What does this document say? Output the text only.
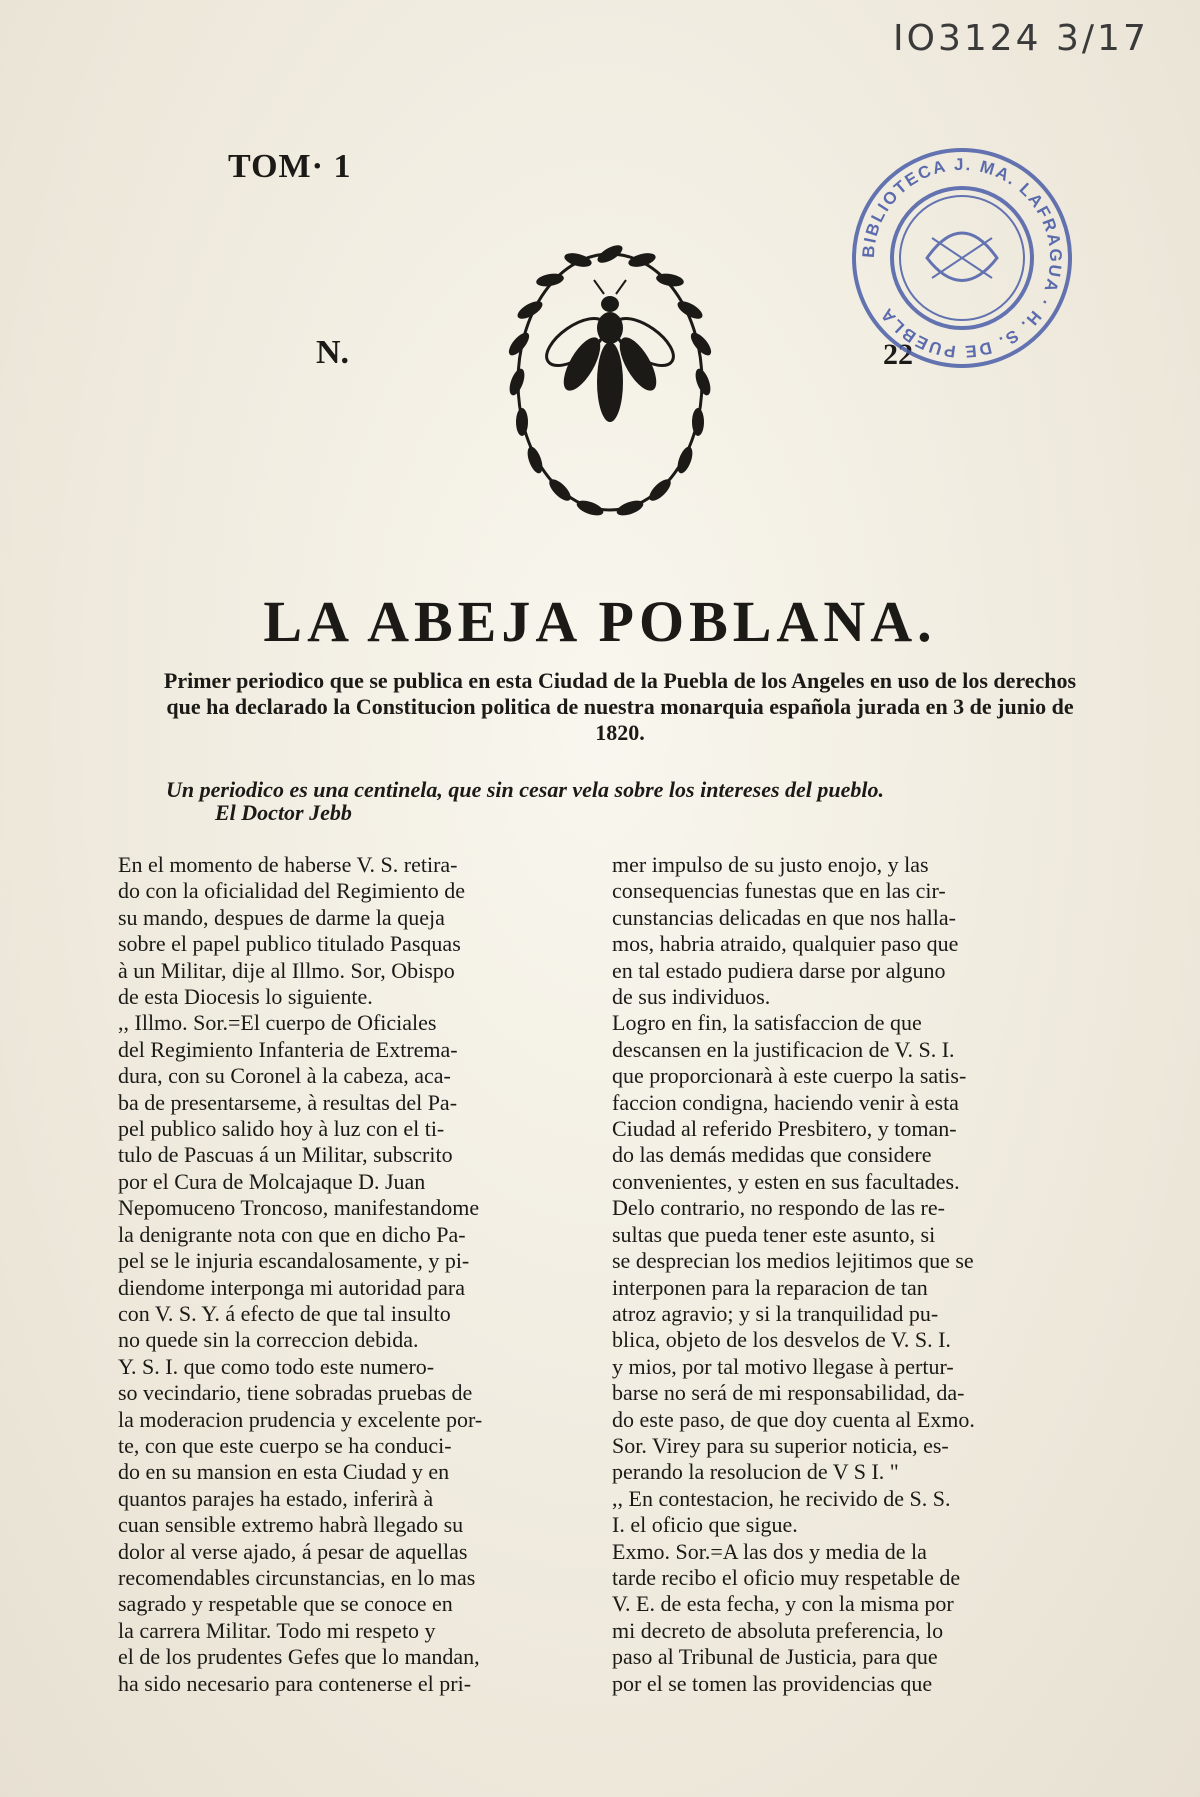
IO3124 3/17
TOM· 1
N.	22
BIBLIOTECA J. MA. LAFRAGUA · H. S. DE PUEBLA
LA ABEJA POBLANA.
Primer periodico que se publica en esta Ciudad de la Puebla de los Angeles en uso de los derechos que ha declarado la Constitucion politica de nuestra monarquia española jurada en 3 de junio de 1820.
Un periodico es una centinela, que sin cesar vela sobre los intereses del pueblo.
El Doctor Jebb
En el momento de haberse V. S. retira-
do con la oficialidad del Regimiento de
su mando, despues de darme la queja
sobre el papel publico titulado Pasquas
à un Militar, dije al Illmo. Sor, Obispo
de esta Diocesis lo siguiente.
,, Illmo. Sor.=El cuerpo de Oficiales
del Regimiento Infanteria de Extrema-
dura, con su Coronel à la cabeza, aca-
ba de presentarseme, à resultas del Pa-
pel publico salido hoy à luz con el ti-
tulo de Pascuas á un Militar, subscrito
por el Cura de Molcajaque D. Juan
Nepomuceno Troncoso, manifestandome
la denigrante nota con que en dicho Pa-
pel se le injuria escandalosamente, y pi-
diendome interponga mi autoridad para
con V. S. Y. á efecto de que tal insulto
no quede sin la correccion debida.
Y. S. I. que como todo este numero-
so vecindario, tiene sobradas pruebas de
la moderacion prudencia y excelente por-
te, con que este cuerpo se ha conduci-
do en su mansion en esta Ciudad y en
quantos parajes ha estado, inferirà à
cuan sensible extremo habrà llegado su
dolor al verse ajado, á pesar de aquellas
recomendables circunstancias, en lo mas
sagrado y respetable que se conoce en
la carrera Militar. Todo mi respeto y
el de los prudentes Gefes que lo mandan,
ha sido necesario para contenerse el pri-
mer impulso de su justo enojo, y las
consequencias funestas que en las cir-
cunstancias delicadas en que nos halla-
mos, habria atraido, qualquier paso que
en tal estado pudiera darse por alguno
de sus individuos.
Logro en fin, la satisfaccion de que
descansen en la justificacion de V. S. I.
que proporcionarà à este cuerpo la satis-
faccion condigna, haciendo venir à esta
Ciudad al referido Presbitero, y toman-
do las demás medidas que considere
convenientes, y esten en sus facultades.
Delo contrario, no respondo de las re-
sultas que pueda tener este asunto, si
se desprecian los medios lejitimos que se
interponen para la reparacion de tan
atroz agravio; y si la tranquilidad pu-
blica, objeto de los desvelos de V. S. I.
y mios, por tal motivo llegase à pertur-
barse no será de mi responsabilidad, da-
do este paso, de que doy cuenta al Exmo.
Sor. Virey para su superior noticia, es-
perando la resolucion de V S I. "
,, En contestacion, he recivido de S. S.
I. el oficio que sigue.
Exmo. Sor.=A las dos y media de la
tarde recibo el oficio muy respetable de
V. E. de esta fecha, y con la misma por
mi decreto de absoluta preferencia, lo
paso al Tribunal de Justicia, para que
por el se tomen las providencias que
